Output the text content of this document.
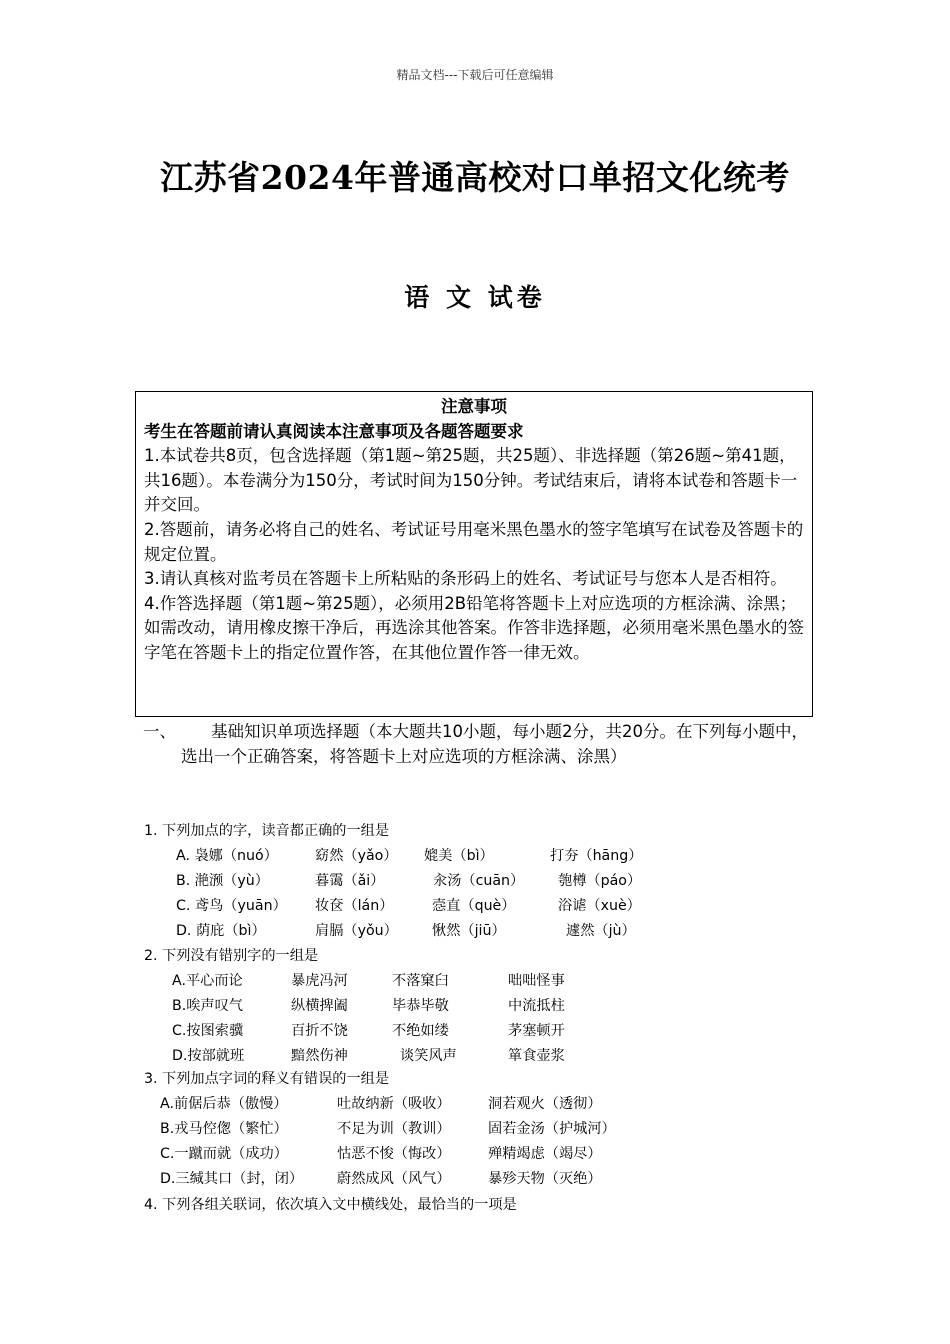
精品文档---下载后可任意编辑
江苏省2024年普通高校对口单招文化统考
语 文 试卷
注意事项
考生在答题前请认真阅读本注意事项及各题答题要求
1.本试卷共8页，包含选择题（第1题~第25题，共25题）、非选择题（第26题~第41题，共16题）。本卷满分为150分，考试时间为150分钟。考试结束后，请将本试卷和答题卡一并交回。
2.答题前，请务必将自己的姓名、考试证号用毫米黑色墨水的签字笔填写在试卷及答题卡的规定位置。
3.请认真核对监考员在答题卡上所粘贴的条形码上的姓名、考试证号与您本人是否相符。
4.作答选择题（第1题~第25题），必须用2B铅笔将答题卡上对应选项的方框涂满、涂黑；如需改动，请用橡皮擦干净后，再选涂其他答案。作答非选择题，必须用毫米黑色墨水的签字笔在答题卡上的指定位置作答，在其他位置作答一律无效。
一、	基础知识单项选择题（本大题共10小题，每小题2分，共20分。在下列每小题中，选出一个正确答案，将答题卡上对应选项的方框涂满、涂黑）
1. 下列加点的字，读音都正确的一组是
A. 袅娜（nuó）	窈然（yǎo） 媲美（bì）	打夯（hāng）
B. 滟滪（yù）	暮霭（ǎi）	汆汤（cuān） 匏樽（páo）
C. 鸢鸟（yuān） 妆奁（lán）	悫直（què）	浴谑（xuè）
D. 荫庇（bì）	肩膈（yǒu） 愀然（jiū）	遽然（jù）
2. 下列没有错别字的一组是
A.平心而论	暴虎冯河	不落窠臼	咄咄怪事
B.唉声叹气	纵横捭阖	毕恭毕敬	中流抵柱
C.按图索骥	百折不饶	不绝如缕	茅塞顿开
D.按部就班	黯然伤神	谈笑风声	箪食壶浆
3. 下列加点字词的释义有错误的一组是
A.前倨后恭（傲慢）	吐故纳新（吸收）	洞若观火（透彻）
B.戎马倥偬（繁忙）	不足为训（教训）	固若金汤（护城河）
C.一蹴而就（成功）	怙恶不悛（悔改）	殚精竭虑（竭尽）
D.三缄其口（封，闭） 蔚然成风（风气）	暴殄天物（灭绝）
4. 下列各组关联词，依次填入文中横线处，最恰当的一项是
